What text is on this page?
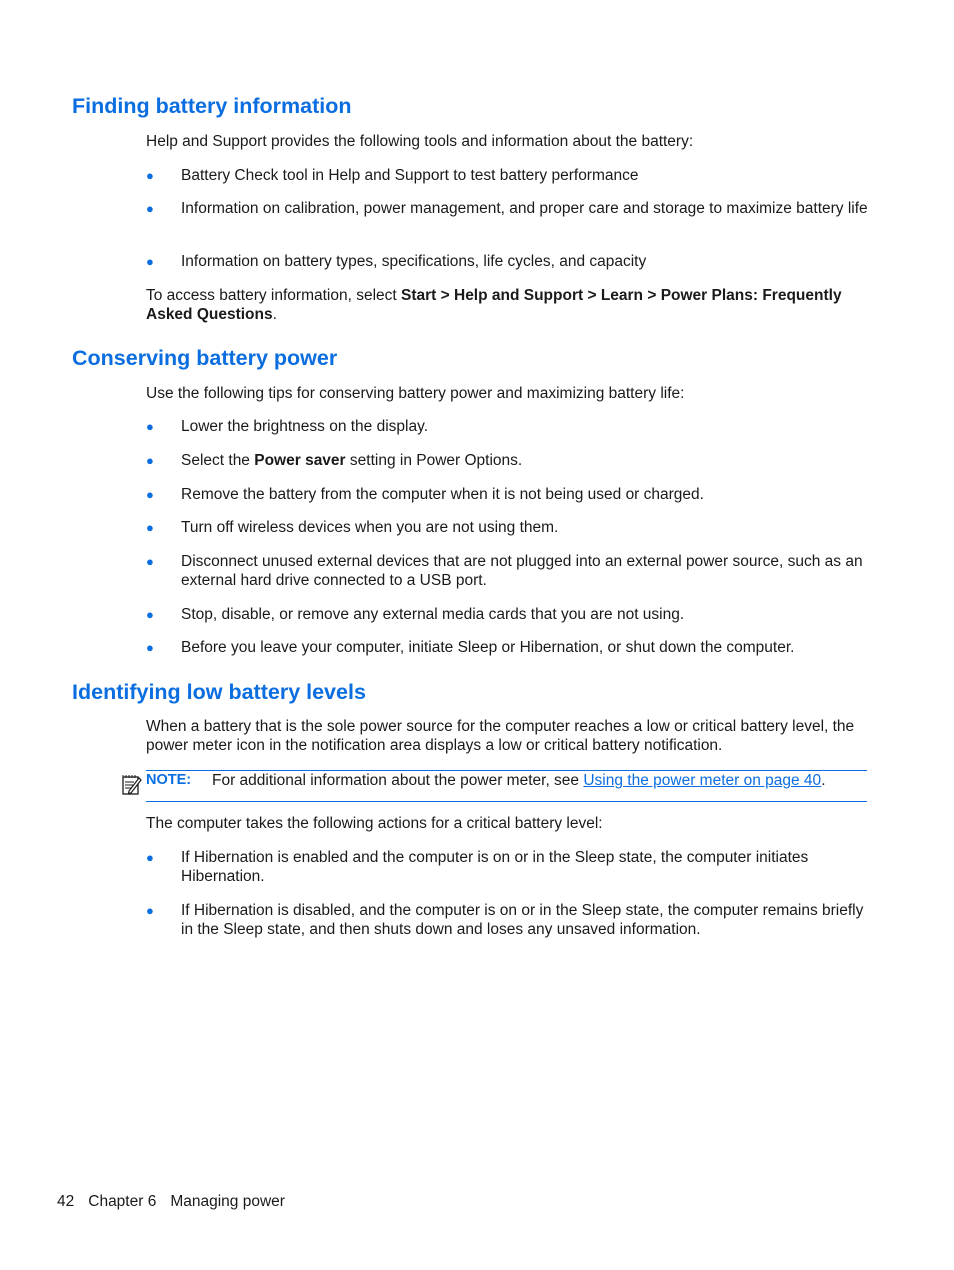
Finding battery information

Help and Support provides the following tools and information about the battery:

● Battery Check tool in Help and Support to test battery performance
● Information on calibration, power management, and proper care and storage to maximize battery life
● Information on battery types, specifications, life cycles, and capacity

To access battery information, select Start > Help and Support > Learn > Power Plans: Frequently Asked Questions.

Conserving battery power

Use the following tips for conserving battery power and maximizing battery life:

● Lower the brightness on the display.
● Select the Power saver setting in Power Options.
● Remove the battery from the computer when it is not being used or charged.
● Turn off wireless devices when you are not using them.
● Disconnect unused external devices that are not plugged into an external power source, such as an external hard drive connected to a USB port.
● Stop, disable, or remove any external media cards that you are not using.
● Before you leave your computer, initiate Sleep or Hibernation, or shut down the computer.
Identifying low battery levels

When a battery that is the sole power source for the computer reaches a low or critical battery level, the power meter icon in the notification area displays a low or critical battery notification.

NOTE: For additional information about the power meter, see Using the power meter on page 40.

The computer takes the following actions for a critical battery level:

● If Hibernation is enabled and the computer is on or in the Sleep state, the computer initiates Hibernation.
● If Hibernation is disabled, and the computer is on or in the Sleep state, the computer remains briefly in the Sleep state, and then shuts down and loses any unsaved information.
42 Chapter 6 Managing power
